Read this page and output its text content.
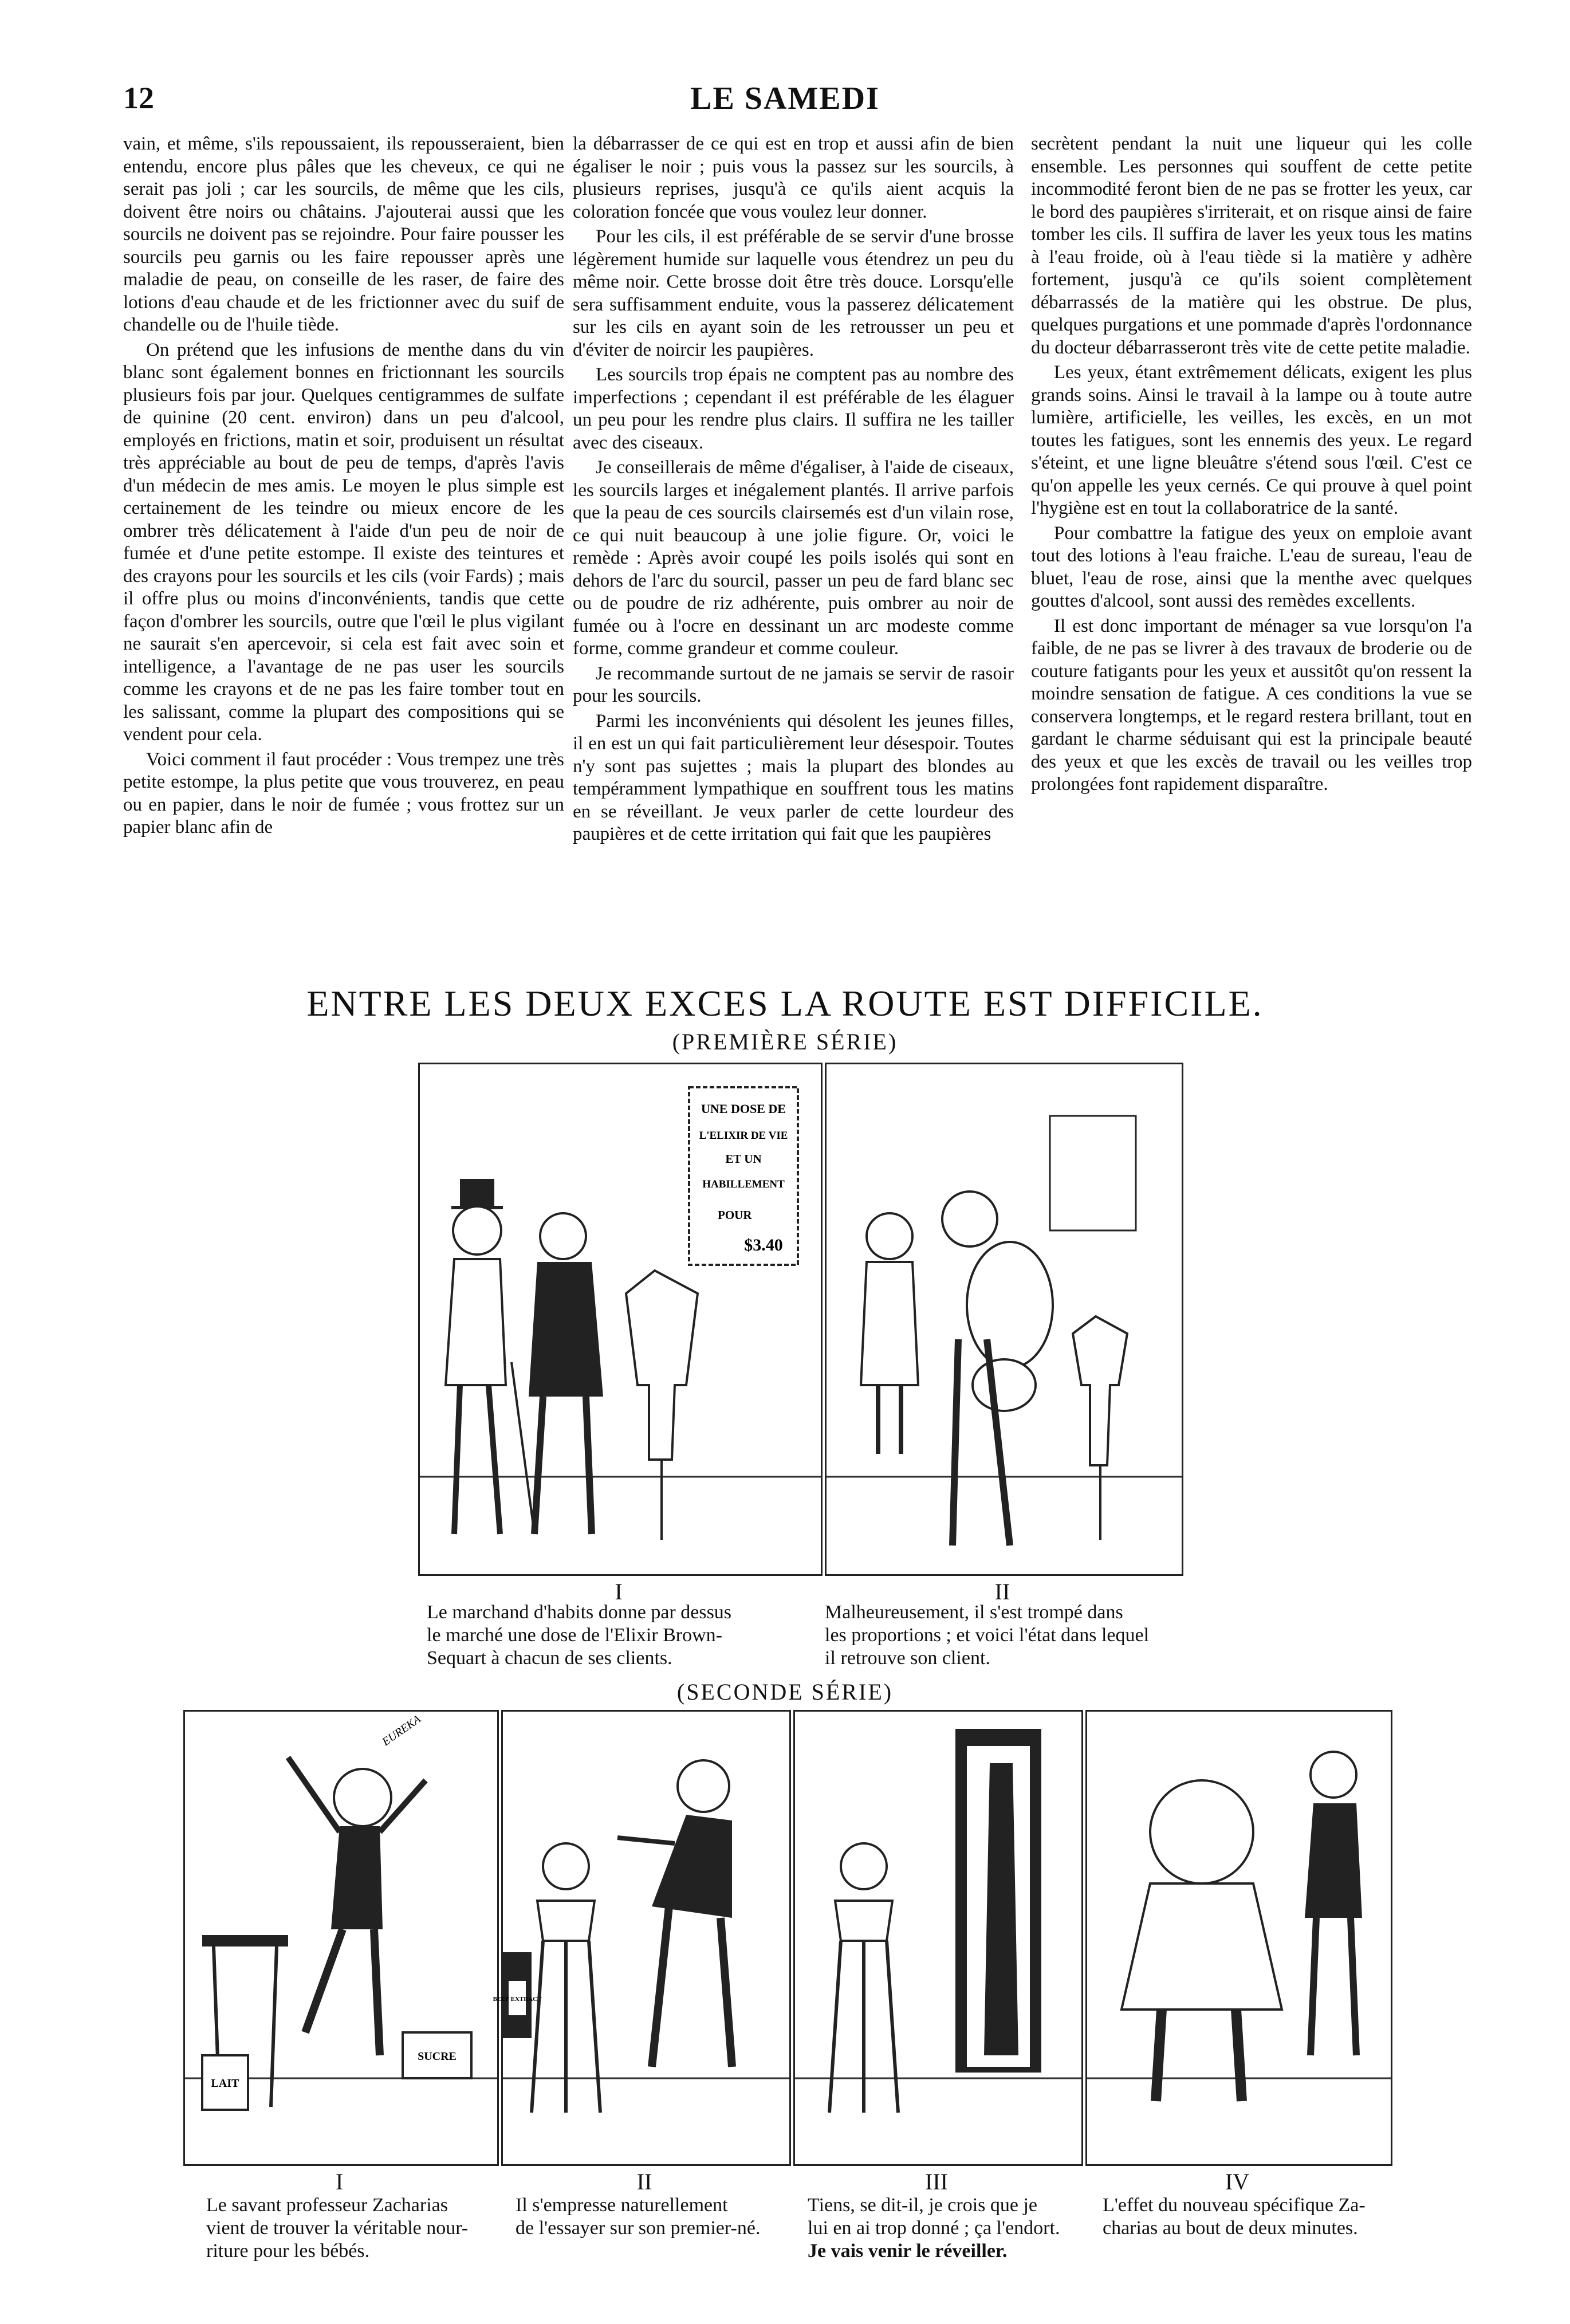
12	LE SAMEDI

vain, et même, s'ils repoussaient, ils repousseraient, bien entendu, encore plus pâles que les cheveux, ce qui ne serait pas joli ; car les sourcils, de même que les cils, doivent être noirs ou châtains. J'ajouterai aussi que les sourcils ne doivent pas se rejoindre. Pour faire pousser les sourcils peu garnis ou les faire repousser après une maladie de peau, on conseille de les raser, de faire des lotions d'eau chaude et de les frictionner avec du suif de chandelle ou de l'huile tiède.

On prétend que les infusions de menthe dans du vin blanc sont également bonnes en frictionnant les sourcils plusieurs fois par jour. Quelques centigrammes de sulfate de quinine (20 cent. environ) dans un peu d'alcool, employés en frictions, matin et soir, produisent un résultat très appréciable au bout de peu de temps, d'après l'avis d'un médecin de mes amis. Le moyen le plus simple est certainement de les teindre ou mieux encore de les ombrer très délicatement à l'aide d'un peu de noir de fumée et d'une petite estompe. Il existe des teintures et des crayons pour les sourcils et les cils (voir Fards) ; mais il offre plus ou moins d'inconvénients, tandis que cette façon d'ombrer les sourcils, outre que l'œil le plus vigilant ne saurait s'en apercevoir, si cela est fait avec soin et intelligence, a l'avantage de ne pas user les sourcils comme les crayons et de ne pas les faire tomber tout en les salissant, comme la plupart des compositions qui se vendent pour cela.

Voici comment il faut procéder : Vous trempez une très petite estompe, la plus petite que vous trouverez, en peau ou en papier, dans le noir de fumée ; vous frottez sur un papier blanc afin de

la débarrasser de ce qui est en trop et aussi afin de bien égaliser le noir ; puis vous la passez sur les sourcils, à plusieurs reprises, jusqu'à ce qu'ils aient acquis la coloration foncée que vous voulez leur donner.

Pour les cils, il est préférable de se servir d'une brosse légèrement humide sur laquelle vous étendrez un peu du même noir. Cette brosse doit être très douce. Lorsqu'elle sera suffisamment enduite, vous la passerez délicatement sur les cils en ayant soin de les retrousser un peu et d'éviter de noircir les paupières.

Les sourcils trop épais ne comptent pas au nombre des imperfections ; cependant il est préférable de les élaguer un peu pour les rendre plus clairs. Il suffira ne les tailler avec des ciseaux.

Je conseillerais de même d'égaliser, à l'aide de ciseaux, les sourcils larges et inégalement plantés. Il arrive parfois que la peau de ces sourcils clairsemés est d'un vilain rose, ce qui nuit beaucoup à une jolie figure. Or, voici le remède : Après avoir coupé les poils isolés qui sont en dehors de l'arc du sourcil, passer un peu de fard blanc sec ou de poudre de riz adhérente, puis ombrer au noir de fumée ou à l'ocre en dessinant un arc modeste comme forme, comme grandeur et comme couleur.

Je recommande surtout de ne jamais se servir de rasoir pour les sourcils.

Parmi les inconvénients qui désolent les jeunes filles, il en est un qui fait particulièrement leur désespoir. Toutes n'y sont pas sujettes ; mais la plupart des blondes au tempéramment lympathique en souffrent tous les matins en se réveillant. Je veux parler de cette lourdeur des paupières et de cette irritation qui fait que les paupières

secrètent pendant la nuit une liqueur qui les colle ensemble. Les personnes qui souffent de cette petite incommodité feront bien de ne pas se frotter les yeux, car le bord des paupières s'irriterait, et on risque ainsi de faire tomber les cils. Il suffira de laver les yeux tous les matins à l'eau froide, où à l'eau tiède si la matière y adhère fortement, jusqu'à ce qu'ils soient complètement débarrassés de la matière qui les obstrue. De plus, quelques purgations et une pommade d'après l'ordonnance du docteur débarrasseront très vite de cette petite maladie.

Les yeux, étant extrêmement délicats, exigent les plus grands soins. Ainsi le travail à la lampe ou à toute autre lumière, artificielle, les veilles, les excès, en un mot toutes les fatigues, sont les ennemis des yeux. Le regard s'éteint, et une ligne bleuâtre s'étend sous l'œil. C'est ce qu'on appelle les yeux cernés. Ce qui prouve à quel point l'hygiène est en tout la collaboratrice de la santé.

Pour combattre la fatigue des yeux on emploie avant tout des lotions à l'eau fraiche. L'eau de sureau, l'eau de bluet, l'eau de rose, ainsi que la menthe avec quelques gouttes d'alcool, sont aussi des remèdes excellents.

Il est donc important de ménager sa vue lorsqu'on l'a faible, de ne pas se livrer à des travaux de broderie ou de couture fatigants pour les yeux et aussitôt qu'on ressent la moindre sensation de fatigue. A ces conditions la vue se conservera longtemps, et le regard restera brillant, tout en gardant le charme séduisant qui est la principale beauté des yeux et que les excès de travail ou les veilles trop prolongées font rapidement disparaître.

ENTRE LES DEUX EXCES LA ROUTE EST DIFFICILE.
(PREMIÈRE SÉRIE)
UNE DOSE DE
L'ELIXIR DE VIE
ET UN
HABILLEMENT
POUR
$3.40
I	II
Le marchand d'habits donne par dessus
le marché une dose de l'Elixir Brown-
Sequart à chacun de ses clients.
Malheureusement, il s'est trompé dans
les proportions ; et voici l'état dans lequel
il retrouve son client.
(SECONDE SÉRIE)
EUREKA
LAIT
SUCRE
BEEF EXTRACT
I	II	III	IV
Le savant professeur Zacharias
vient de trouver la véritable nour-
riture pour les bébés.
Il s'empresse naturellement
de l'essayer sur son premier-né.
Tiens, se dit-il, je crois que je
lui en ai trop donné ; ça l'endort.
Je vais venir le réveiller.
L'effet du nouveau spécifique Za-
charias au bout de deux minutes.
